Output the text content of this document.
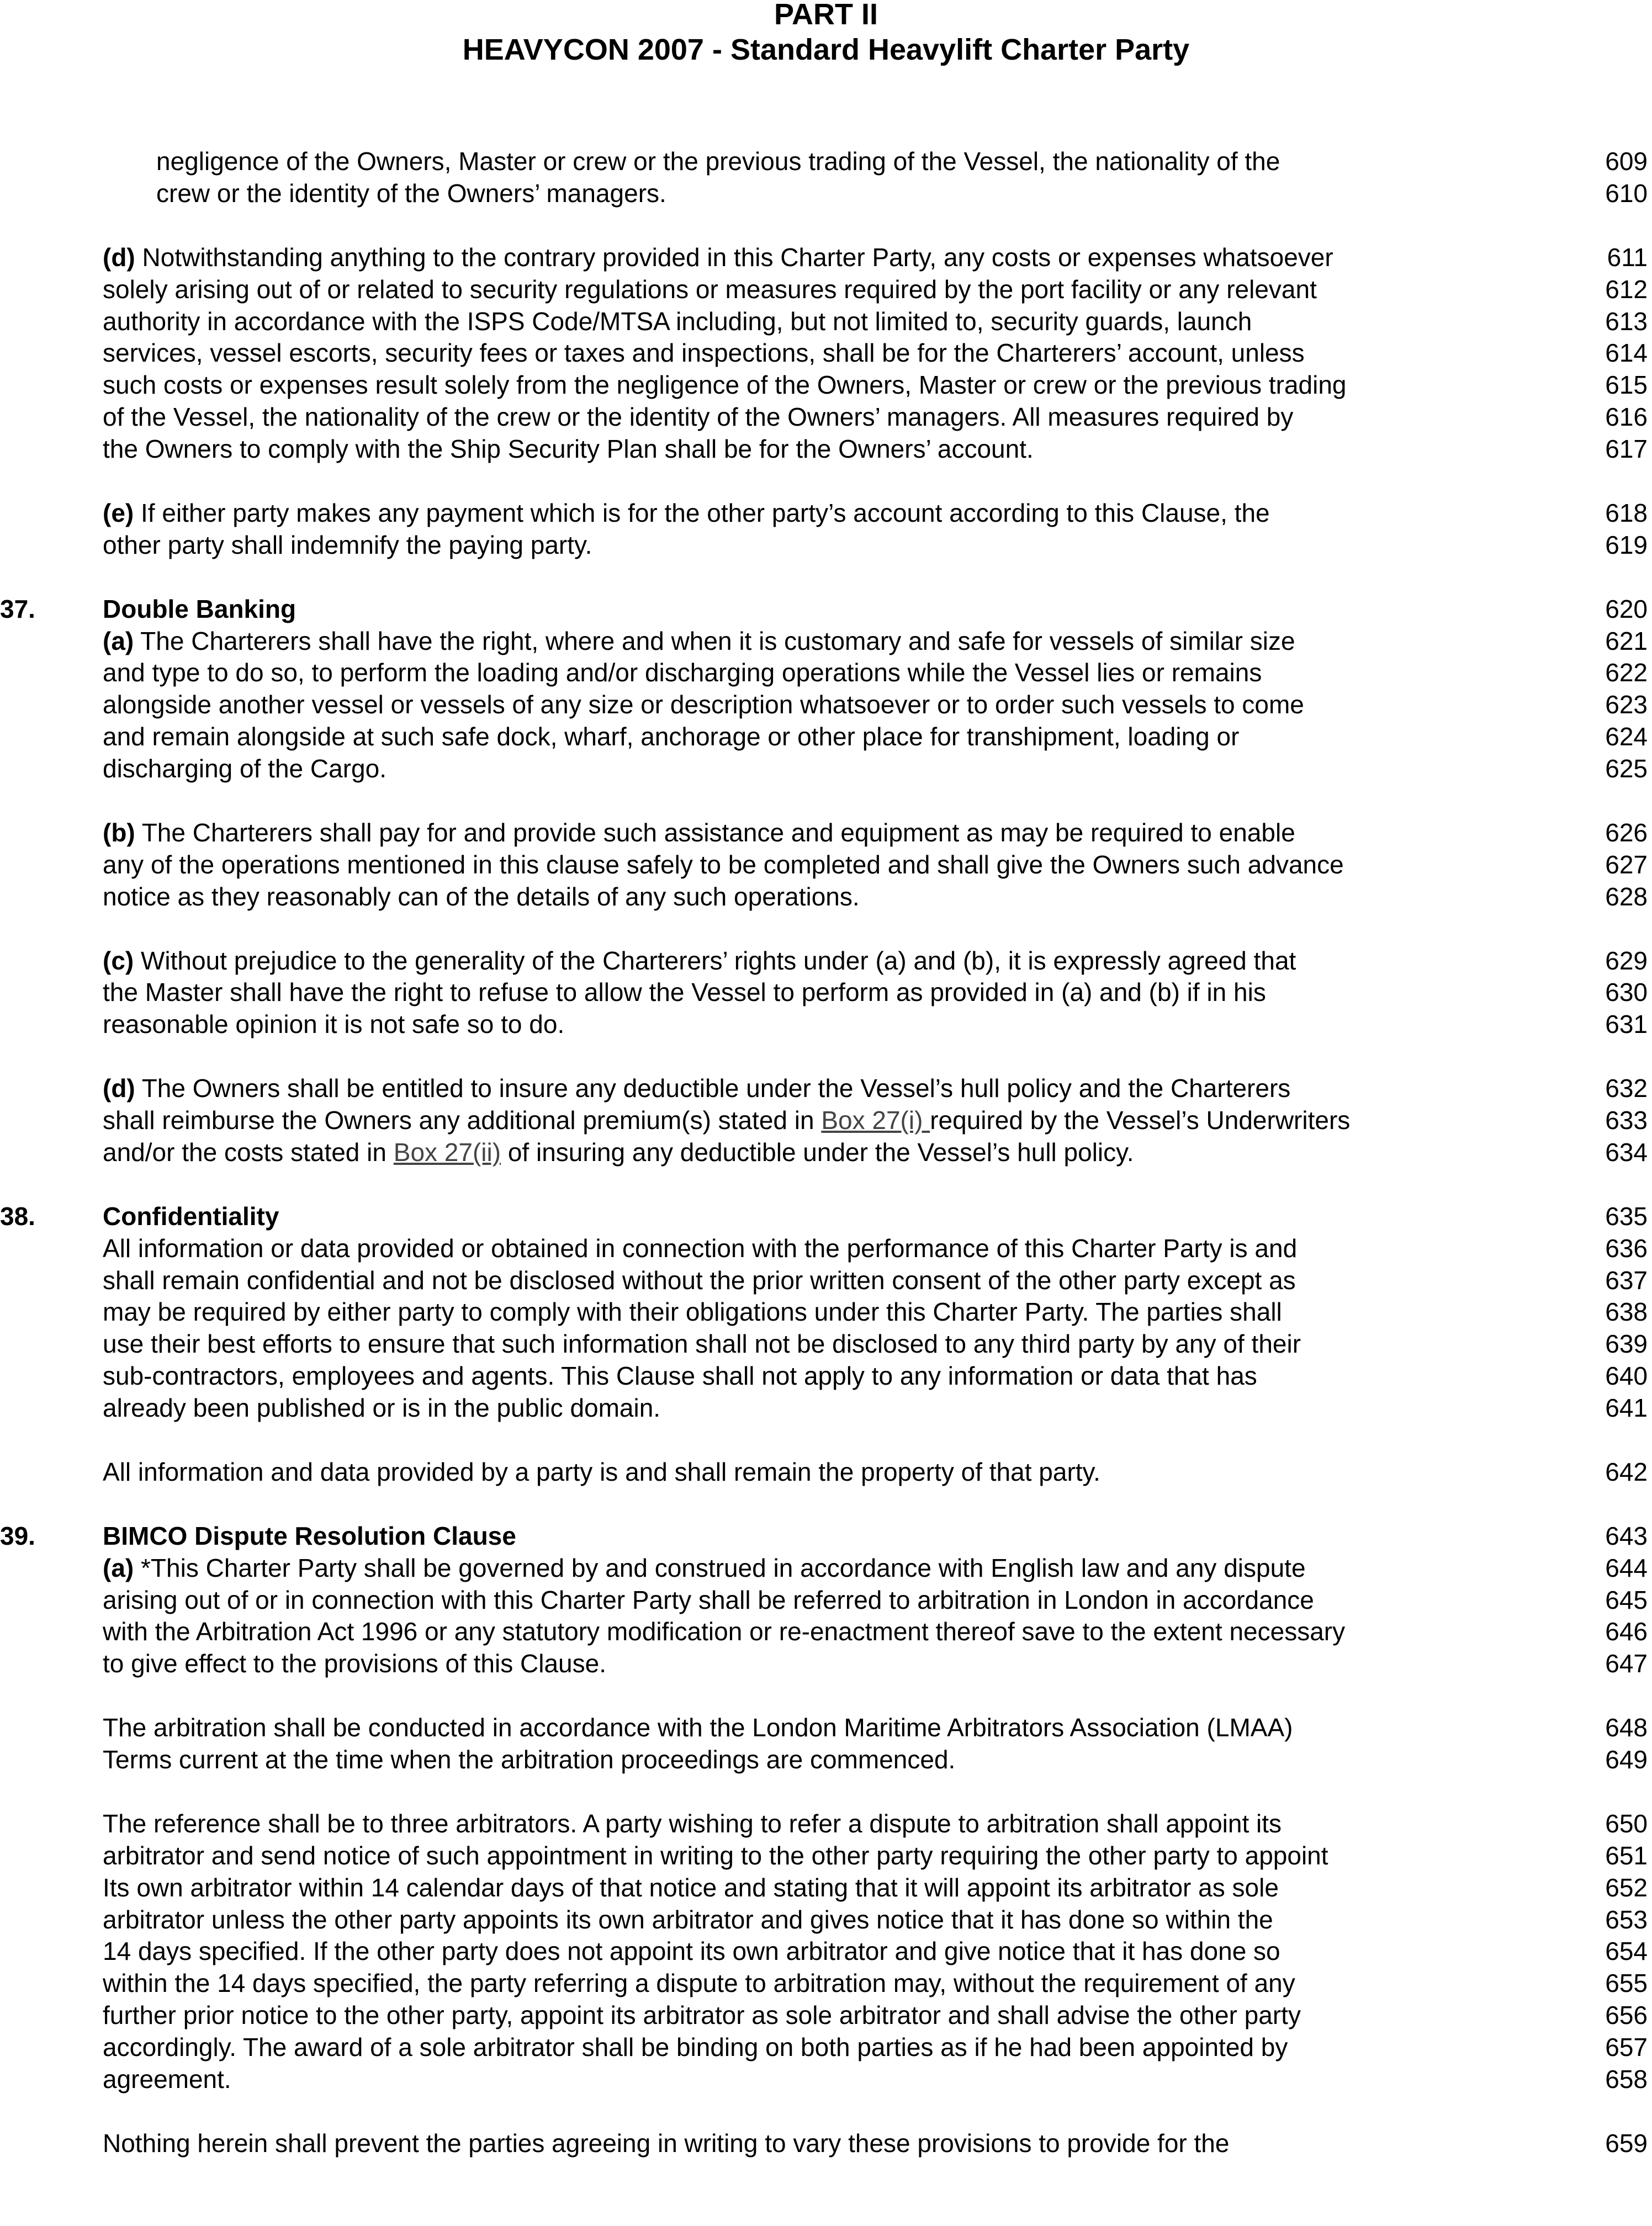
PART II
HEAVYCON 2007 - Standard Heavylift Charter Party
negligence of the Owners, Master or crew or the previous trading of the Vessel, the nationality of the	609
crew or the identity of the Owners’ managers.	610
(d) Notwithstanding anything to the contrary provided in this Charter Party, any costs or expenses whatsoever	611
solely arising out of or related to security regulations or measures required by the port facility or any relevant	612
authority in accordance with the ISPS Code/MTSA including, but not limited to, security guards, launch	613
services, vessel escorts, security fees or taxes and inspections, shall be for the Charterers’ account, unless	614
such costs or expenses result solely from the negligence of the Owners, Master or crew or the previous trading	615
of the Vessel, the nationality of the crew or the identity of the Owners’ managers. All measures required by	616
the Owners to comply with the Ship Security Plan shall be for the Owners’ account.	617
(e) If either party makes any payment which is for the other party’s account according to this Clause, the	618
other party shall indemnify the paying party.	619
37.	Double Banking	620
(a) The Charterers shall have the right, where and when it is customary and safe for vessels of similar size	621
and type to do so, to perform the loading and/or discharging operations while the Vessel lies or remains	622
alongside another vessel or vessels of any size or description whatsoever or to order such vessels to come	623
and remain alongside at such safe dock, wharf, anchorage or other place for transhipment, loading or	624
discharging of the Cargo.	625
(b) The Charterers shall pay for and provide such assistance and equipment as may be required to enable	626
any of the operations mentioned in this clause safely to be completed and shall give the Owners such advance	627
notice as they reasonably can of the details of any such operations.	628
(c) Without prejudice to the generality of the Charterers’ rights under (a) and (b), it is expressly agreed that	629
the Master shall have the right to refuse to allow the Vessel to perform as provided in (a) and (b) if in his	630
reasonable opinion it is not safe so to do.	631
(d) The Owners shall be entitled to insure any deductible under the Vessel’s hull policy and the Charterers	632
shall reimburse the Owners any additional premium(s) stated in Box 27(i) required by the Vessel’s Underwriters	633
and/or the costs stated in Box 27(ii) of insuring any deductible under the Vessel’s hull policy.	634
38.	Confidentiality	635
All information or data provided or obtained in connection with the performance of this Charter Party is and	636
shall remain confidential and not be disclosed without the prior written consent of the other party except as	637
may be required by either party to comply with their obligations under this Charter Party. The parties shall	638
use their best efforts to ensure that such information shall not be disclosed to any third party by any of their	639
sub-contractors, employees and agents. This Clause shall not apply to any information or data that has	640
already been published or is in the public domain.	641
All information and data provided by a party is and shall remain the property of that party.	642
39.	BIMCO Dispute Resolution Clause	643
(a) *This Charter Party shall be governed by and construed in accordance with English law and any dispute	644
arising out of or in connection with this Charter Party shall be referred to arbitration in London in accordance	645
with the Arbitration Act 1996 or any statutory modification or re-enactment thereof save to the extent necessary	646
to give effect to the provisions of this Clause.	647
The arbitration shall be conducted in accordance with the London Maritime Arbitrators Association (LMAA)	648
Terms current at the time when the arbitration proceedings are commenced.	649
The reference shall be to three arbitrators. A party wishing to refer a dispute to arbitration shall appoint its	650
arbitrator and send notice of such appointment in writing to the other party requiring the other party to appoint	651
Its own arbitrator within 14 calendar days of that notice and stating that it will appoint its arbitrator as sole	652
arbitrator unless the other party appoints its own arbitrator and gives notice that it has done so within the	653
14 days specified. If the other party does not appoint its own arbitrator and give notice that it has done so	654
within the 14 days specified, the party referring a dispute to arbitration may, without the requirement of any	655
further prior notice to the other party, appoint its arbitrator as sole arbitrator and shall advise the other party	656
accordingly. The award of a sole arbitrator shall be binding on both parties as if he had been appointed by	657
agreement.	658
Nothing herein shall prevent the parties agreeing in writing to vary these provisions to provide for the	659
